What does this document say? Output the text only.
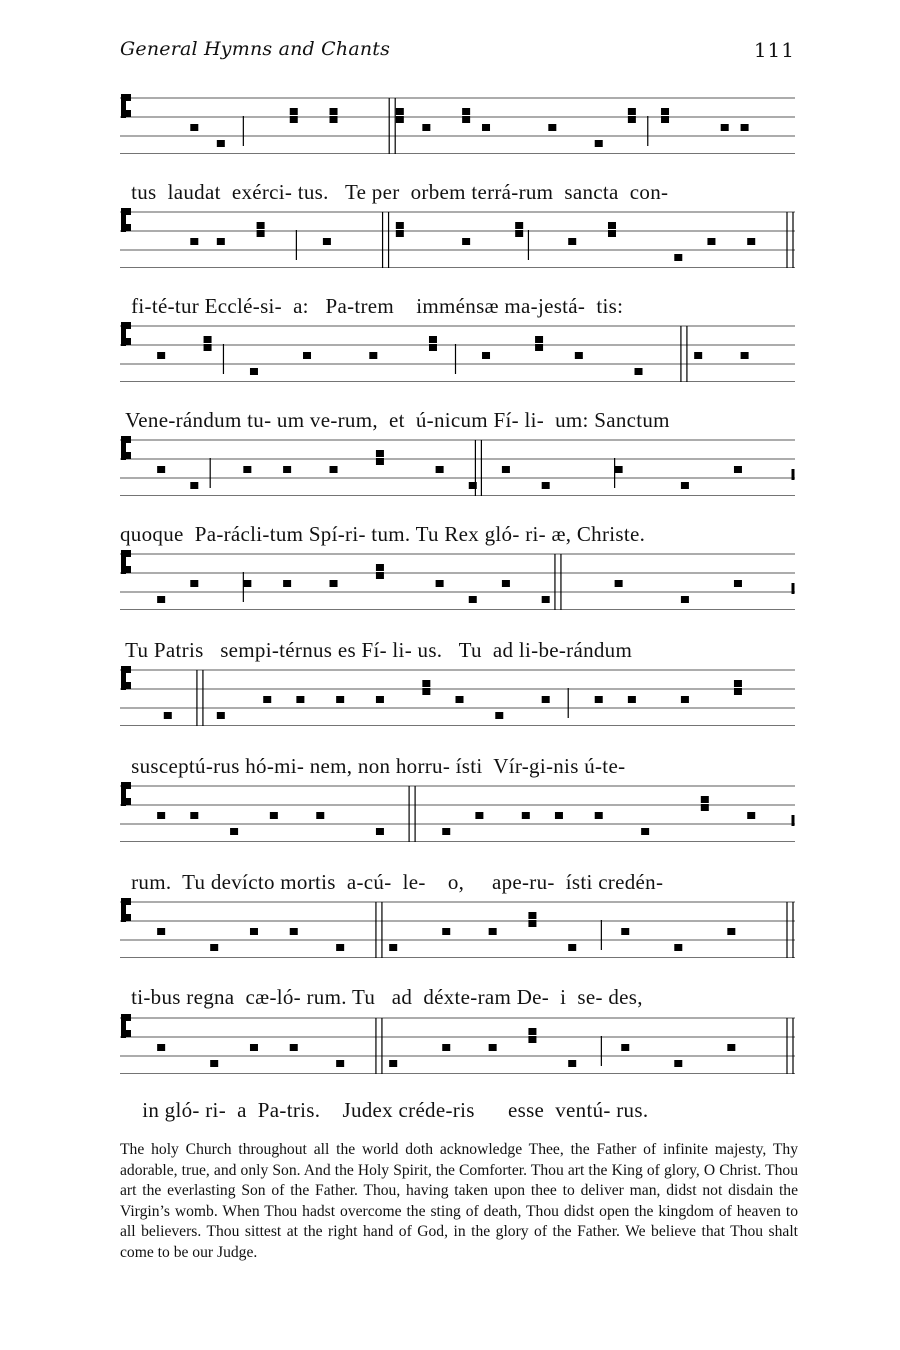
General Hymns and Chants	111
tus  laudat  exérci- tus.   Te per  orbem terrá-rum  sancta  con-
fi-té-tur Ecclé-si-  a:   Pa-trem    imménsæ ma-jestá-  tis:
Vene-rándum tu- um ve-rum,  et  ú-nicum Fí- li-  um: Sanctum
quoque  Pa-rácli-tum Spí-ri- tum. Tu Rex gló- ri- æ, Christe.
Tu Patris   sempi-térnus es Fí- li- us.   Tu  ad li-be-rándum
susceptú-rus hó-mi- nem, non horru- ísti  Vír-gi-nis ú-te-
rum.  Tu devícto mortis  a-cú-  le-    o,     ape-ru-  ísti credén-
ti-bus regna  cæ-ló- rum. Tu   ad  déxte-ram De-  i  se- des,
in gló- ri-  a  Pa-tris.    Judex créde-ris      esse  ventú- rus.
The holy Church throughout all the world doth acknowledge Thee, the Father of infinite majesty, Thy adorable, true, and only Son. And the Holy Spirit, the Comforter. Thou art the King of glory, O Christ. Thou art the everlasting Son of the Father. Thou, having taken upon thee to deliver man, didst not disdain the Virgin’s womb. When Thou hadst overcome the sting of death, Thou didst open the kingdom of heaven to all believers. Thou sittest at the right hand of God, in the glory of the Father. We believe that Thou shalt come to be our Judge.
